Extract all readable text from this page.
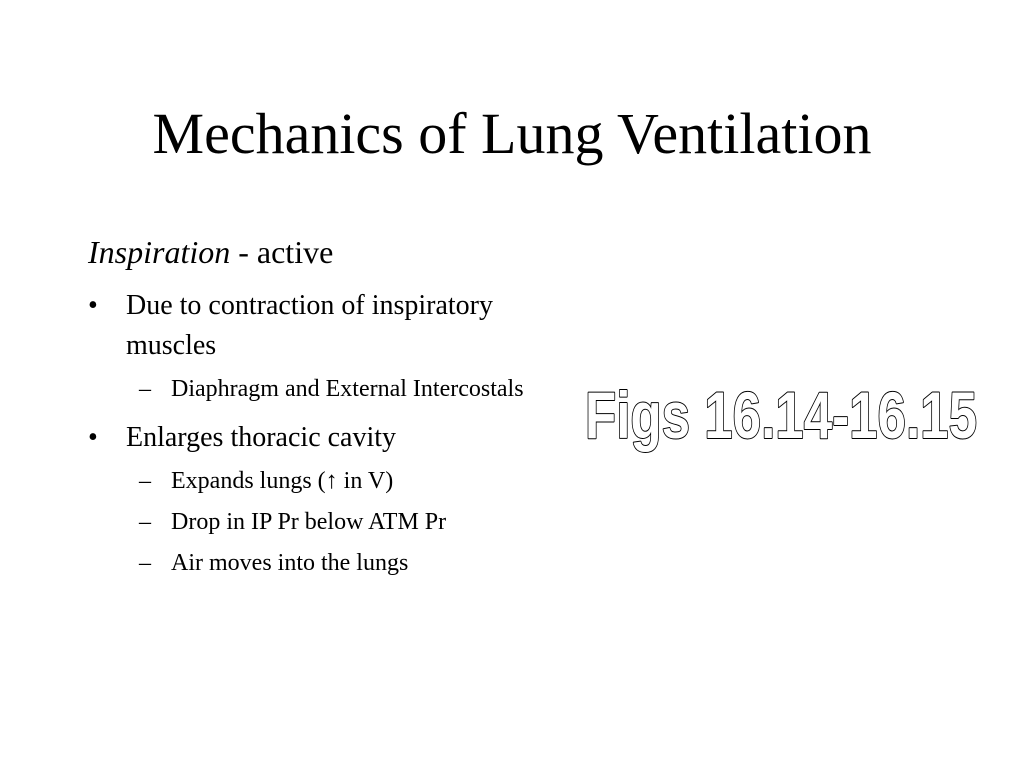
Mechanics of Lung Ventilation
Inspiration - active
• Due to contraction of inspiratory muscles
– Diaphragm and External Intercostals
• Enlarges thoracic cavity
– Expands lungs (↑ in V)
– Drop in IP Pr below ATM Pr
– Air moves into the lungs
Figs 16.14-16.15
